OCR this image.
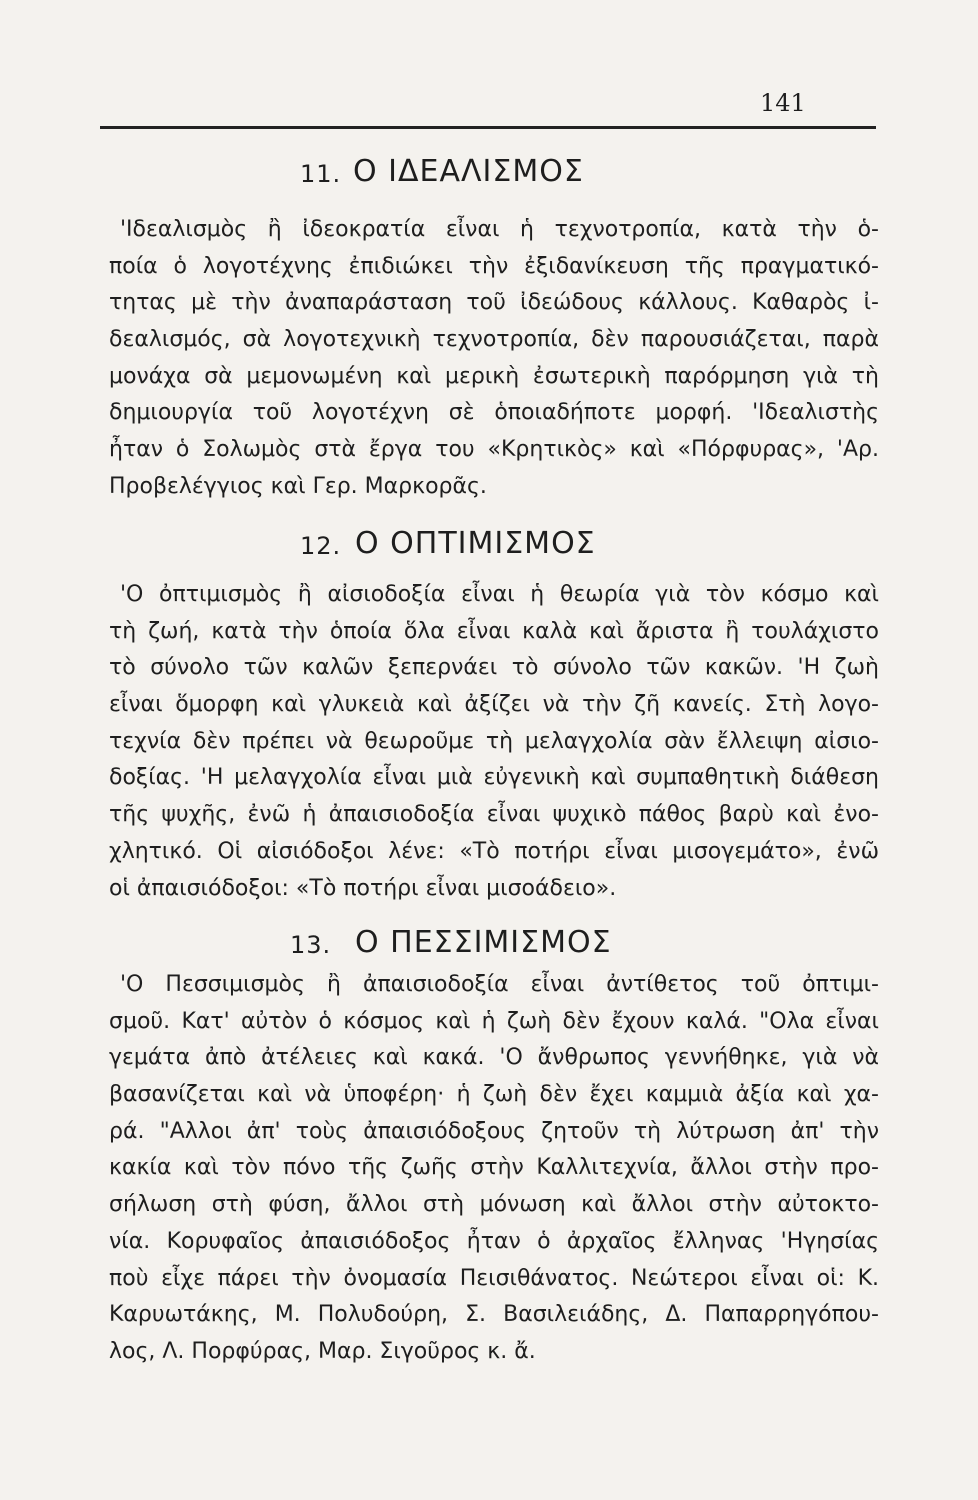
141
11. Ο ΙΔΕΑΛΙΣΜΟΣ
 'Ιδεαλισμὸς ἢ ἰδεοκρατία εἶναι ἡ τεχνοτροπία, κατὰ τὴν ὁ-
ποία ὁ λογοτέχνης ἐπιδιώκει τὴν ἐξιδανίκευση τῆς πραγματικό-
τητας μὲ τὴν ἀναπαράσταση τοῦ ἰδεώδους κάλλους. Καθαρὸς ἰ-
δεαλισμός, σὰ λογοτεχνικὴ τεχνοτροπία, δὲν παρουσιάζεται, παρὰ
μονάχα σὰ μεμονωμένη καὶ μερικὴ ἐσωτερικὴ παρόρμηση γιὰ τὴ
δημιουργία τοῦ λογοτέχνη σὲ ὁποιαδήποτε μορφή. 'Ιδεαλιστὴς
ἦταν ὁ Σολωμὸς στὰ ἔργα του «Κρητικὸς» καὶ «Πόρφυρας», 'Αρ.
Προβελέγγιος καὶ Γερ. Μαρκορᾶς.
12. Ο ΟΠΤΙΜΙΣΜΟΣ
 'Ο ὀπτιμισμὸς ἢ αἰσιοδοξία εἶναι ἡ θεωρία γιὰ τὸν κόσμο καὶ
τὴ ζωή, κατὰ τὴν ὁποία ὅλα εἶναι καλὰ καὶ ἄριστα ἢ τουλάχιστο
τὸ σύνολο τῶν καλῶν ξεπερνάει τὸ σύνολο τῶν κακῶν. 'Η ζωὴ
εἶναι ὅμορφη καὶ γλυκειὰ καὶ ἀξίζει νὰ τὴν ζῆ κανείς. Στὴ λογο-
τεχνία δὲν πρέπει νὰ θεωροῦμε τὴ μελαγχολία σὰν ἔλλειψη αἰσιο-
δοξίας. 'Η μελαγχολία εἶναι μιὰ εὐγενικὴ καὶ συμπαθητικὴ διάθεση
τῆς ψυχῆς, ἐνῶ ἡ ἀπαισιοδοξία εἶναι ψυχικὸ πάθος βαρὺ καὶ ἐνο-
χλητικό. Οἱ αἰσιόδοξοι λένε: «Τὸ ποτήρι εἶναι μισογεμάτο», ἐνῶ
οἱ ἀπαισιόδοξοι: «Τὸ ποτήρι εἶναι μισοάδειο».
13. Ο ΠΕΣΣΙΜΙΣΜΟΣ
 'Ο Πεσσιμισμὸς ἢ ἀπαισιοδοξία εἶναι ἀντίθετος τοῦ ὀπτιμι-
σμοῦ. Κατ' αὐτὸν ὁ κόσμος καὶ ἡ ζωὴ δὲν ἔχουν καλά. "Ολα εἶναι
γεμάτα ἀπὸ ἀτέλειες καὶ κακά. 'Ο ἄνθρωπος γεννήθηκε, γιὰ νὰ
βασανίζεται καὶ νὰ ὑποφέρη· ἡ ζωὴ δὲν ἔχει καμμιὰ ἀξία καὶ χα-
ρά. "Αλλοι ἀπ' τοὺς ἀπαισιόδοξους ζητοῦν τὴ λύτρωση ἀπ' τὴν
κακία καὶ τὸν πόνο τῆς ζωῆς στὴν Καλλιτεχνία, ἄλλοι στὴν προ-
σήλωση στὴ φύση, ἄλλοι στὴ μόνωση καὶ ἄλλοι στὴν αὐτοκτο-
νία. Κορυφαῖος ἀπαισιόδοξος ἦταν ὁ ἀρχαῖος ἔλληνας 'Ηγησίας
ποὺ εἶχε πάρει τὴν ὀνομασία Πεισιθάνατος. Νεώτεροι εἶναι οἱ: Κ.
Καρυωτάκης, Μ. Πολυδούρη, Σ. Βασιλειάδης, Δ. Παπαρρηγόπου-
λος, Λ. Πορφύρας, Μαρ. Σιγοῦρος κ. ἄ.
